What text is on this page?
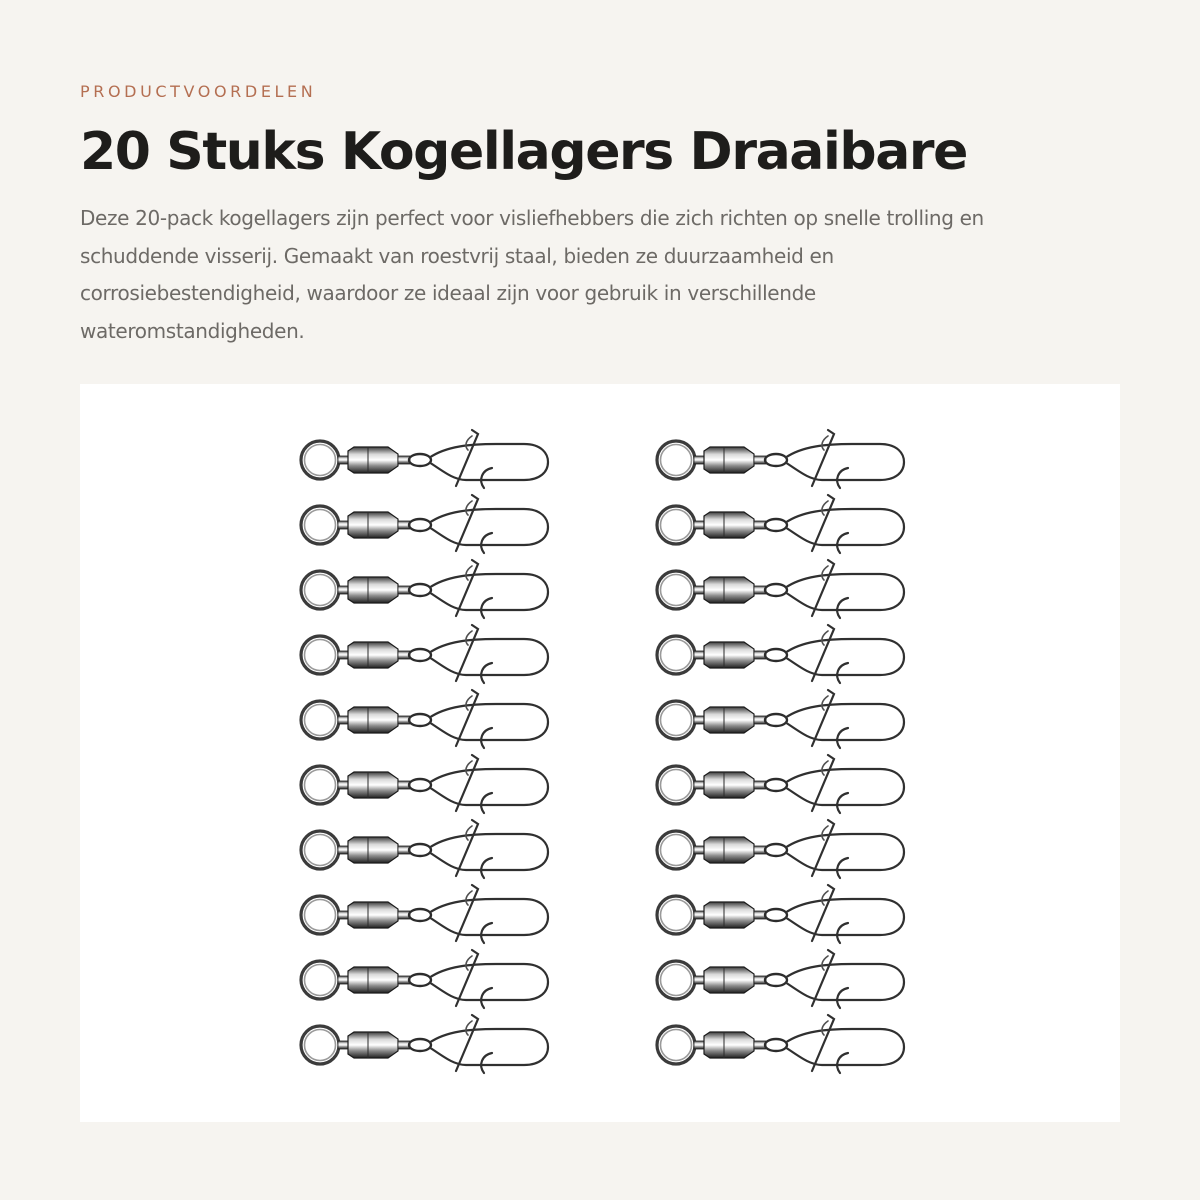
PRODUCTVOORDELEN

20 Stuks Kogellagers Draaibare

Deze 20-pack kogellagers zijn perfect voor visliefhebbers die zich richten op snelle trolling en schuddende visserij. Gemaakt van roestvrij staal, bieden ze duurzaamheid en corrosiebestendigheid, waardoor ze ideaal zijn voor gebruik in verschillende wateromstandigheden.
